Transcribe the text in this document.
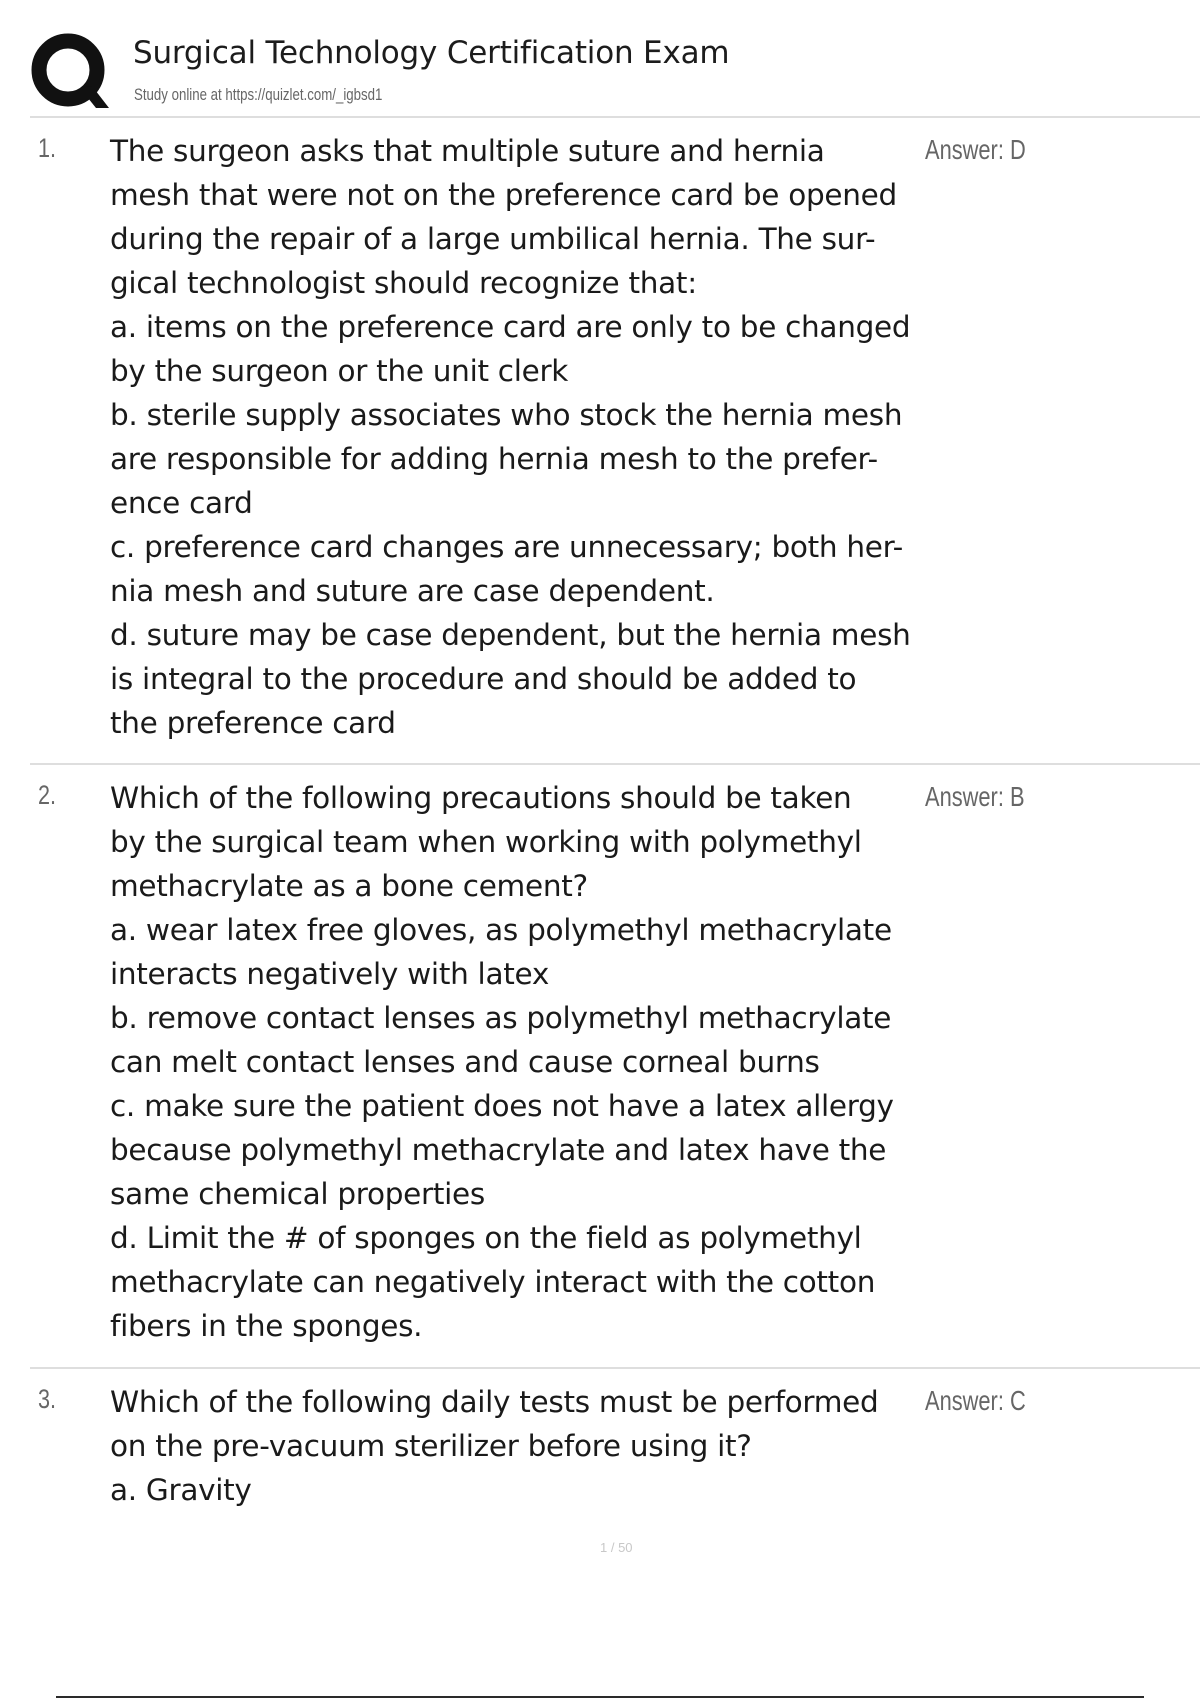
Surgical Technology Certification Exam
Study online at https://quizlet.com/_igbsd1
1. The surgeon asks that multiple suture and hernia
mesh that were not on the preference card be opened
during the repair of a large umbilical hernia. The sur-
gical technologist should recognize that:
a. items on the preference card are only to be changed
by the surgeon or the unit clerk
b. sterile supply associates who stock the hernia mesh
are responsible for adding hernia mesh to the prefer-
ence card
c. preference card changes are unnecessary; both her-
nia mesh and suture are case dependent.
d. suture may be case dependent, but the hernia mesh
is integral to the procedure and should be added to
the preference card
Answer: D
2. Which of the following precautions should be taken
by the surgical team when working with polymethyl
methacrylate as a bone cement?
a. wear latex free gloves, as polymethyl methacrylate
interacts negatively with latex
b. remove contact lenses as polymethyl methacrylate
can melt contact lenses and cause corneal burns
c. make sure the patient does not have a latex allergy
because polymethyl methacrylate and latex have the
same chemical properties
d. Limit the # of sponges on the field as polymethyl
methacrylate can negatively interact with the cotton
fibers in the sponges.
Answer: B
3. Which of the following daily tests must be performed
on the pre-vacuum sterilizer before using it?
a. Gravity
Answer: C
1 / 50
